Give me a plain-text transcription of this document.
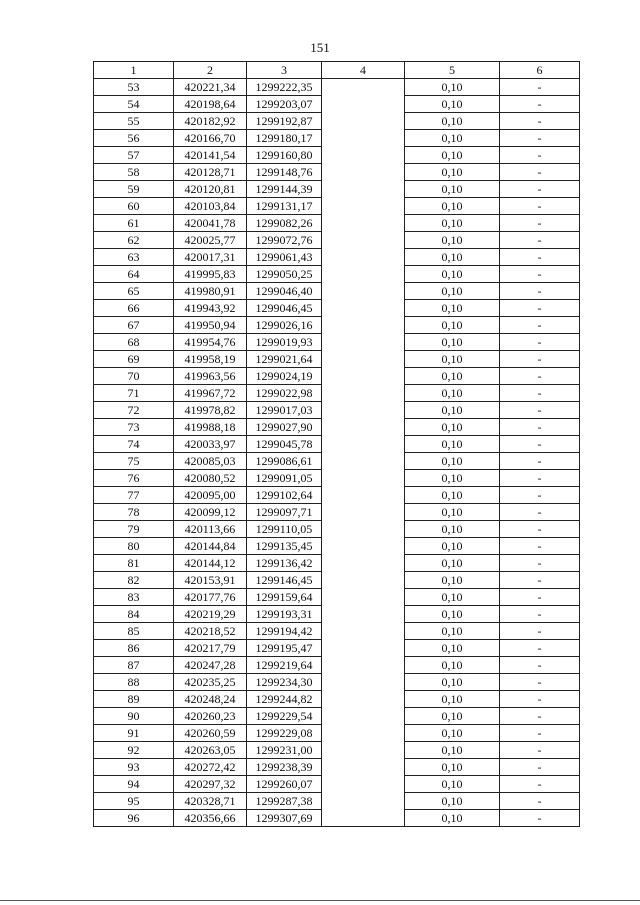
151
1	2	3	4	5	6
53	420221,34	1299222,35		0,10	-
54	420198,64	1299203,07		0,10	-
55	420182,92	1299192,87		0,10	-
56	420166,70	1299180,17		0,10	-
57	420141,54	1299160,80		0,10	-
58	420128,71	1299148,76		0,10	-
59	420120,81	1299144,39		0,10	-
60	420103,84	1299131,17		0,10	-
61	420041,78	1299082,26		0,10	-
62	420025,77	1299072,76		0,10	-
63	420017,31	1299061,43		0,10	-
64	419995,83	1299050,25		0,10	-
65	419980,91	1299046,40		0,10	-
66	419943,92	1299046,45		0,10	-
67	419950,94	1299026,16		0,10	-
68	419954,76	1299019,93		0,10	-
69	419958,19	1299021,64		0,10	-
70	419963,56	1299024,19		0,10	-
71	419967,72	1299022,98		0,10	-
72	419978,82	1299017,03		0,10	-
73	419988,18	1299027,90		0,10	-
74	420033,97	1299045,78		0,10	-
75	420085,03	1299086,61		0,10	-
76	420080,52	1299091,05		0,10	-
77	420095,00	1299102,64		0,10	-
78	420099,12	1299097,71		0,10	-
79	420113,66	1299110,05		0,10	-
80	420144,84	1299135,45		0,10	-
81	420144,12	1299136,42		0,10	-
82	420153,91	1299146,45		0,10	-
83	420177,76	1299159,64		0,10	-
84	420219,29	1299193,31		0,10	-
85	420218,52	1299194,42		0,10	-
86	420217,79	1299195,47		0,10	-
87	420247,28	1299219,64		0,10	-
88	420235,25	1299234,30		0,10	-
89	420248,24	1299244,82		0,10	-
90	420260,23	1299229,54		0,10	-
91	420260,59	1299229,08		0,10	-
92	420263,05	1299231,00		0,10	-
93	420272,42	1299238,39		0,10	-
94	420297,32	1299260,07		0,10	-
95	420328,71	1299287,38		0,10	-
96	420356,66	1299307,69		0,10	-
